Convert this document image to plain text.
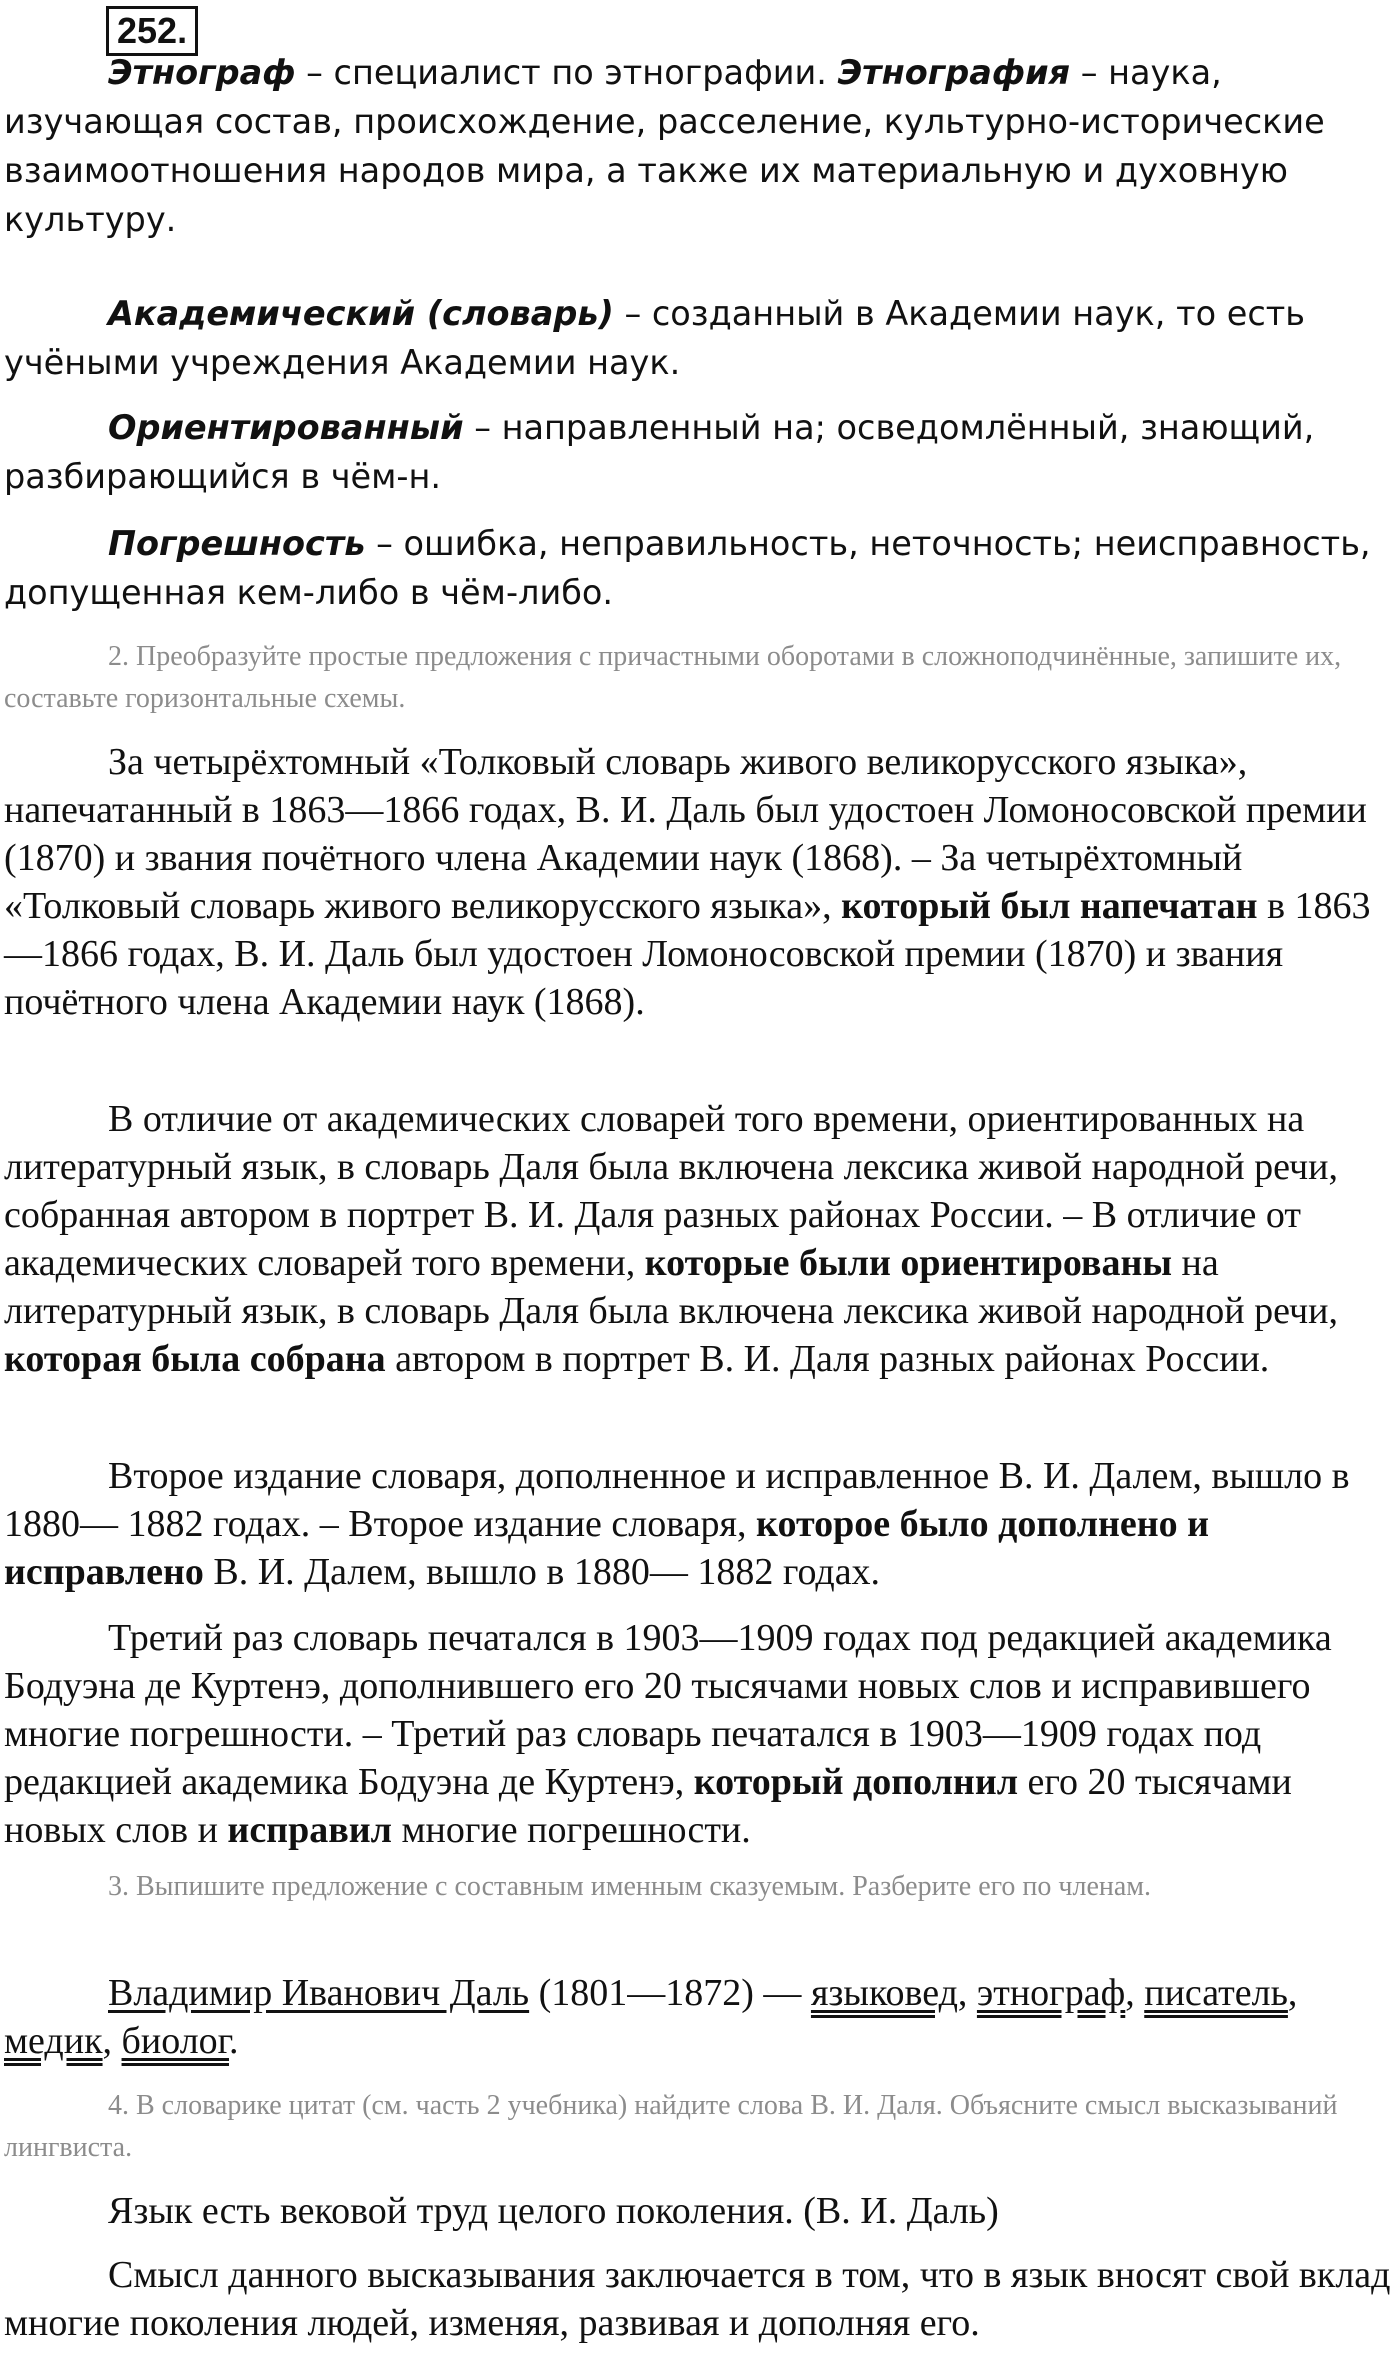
252.

Этнограф – специалист по этнографии. Этнография – наука, изучающая состав, происхождение, расселение, культурно-исторические взаимоотношения народов мира, а также их материальную и духовную культуру.

Академический (словарь) – созданный в Академии наук, то есть учёными учреждения Академии наук.

Ориентированный – направленный на; осведомлённый, знающий, разбирающийся в чём-н.

Погрешность – ошибка, неправильность, неточность; неисправность, допущенная кем-либо в чём-либо.

2. Преобразуйте простые предложения с причастными оборотами в сложноподчинённые, запишите их, составьте горизонтальные схемы.

За четырёхтомный «Толковый словарь живого великорусского языка», напечатанный в 1863—1866 годах, В. И. Даль был удостоен Ломоносовской премии (1870) и звания почётного члена Академии наук (1868). – За четырёхтомный «Толковый словарь живого великорусского языка», который был напечатан в 1863—1866 годах, В. И. Даль был удостоен Ломоносовской премии (1870) и звания почётного члена Академии наук (1868).

В отличие от академических словарей того времени, ориентированных на литературный язык, в словарь Даля была включена лексика живой народной речи, собранная автором в портрет В. И. Даля разных районах России. – В отличие от академических словарей того времени, которые были ориентированы на литературный язык, в словарь Даля была включена лексика живой народной речи, которая была собрана автором в портрет В. И. Даля разных районах России.

Второе издание словаря, дополненное и исправленное В. И. Далем, вышло в 1880— 1882 годах. – Второе издание словаря, которое было дополнено и исправлено В. И. Далем, вышло в 1880— 1882 годах.

Третий раз словарь печатался в 1903—1909 годах под редакцией академика Бодуэна де Куртенэ, дополнившего его 20 тысячами новых слов и исправившего многие погрешности. – Третий раз словарь печатался в 1903—1909 годах под редакцией академика Бодуэна де Куртенэ, который дополнил его 20 тысячами новых слов и исправил многие погрешности.

3. Выпишите предложение с составным именным сказуемым. Разберите его по членам.

Владимир Иванович Даль (1801—1872) — языковед, этнограф, писатель, медик, биолог.

4. В словарике цитат (см. часть 2 учебника) найдите слова В. И. Даля. Объясните смысл высказываний лингвиста.

Язык есть вековой труд целого поколения. (В. И. Даль)

Смысл данного высказывания заключается в том, что в язык вносят свой вклад многие поколения людей, изменяя, развивая и дополняя его.
